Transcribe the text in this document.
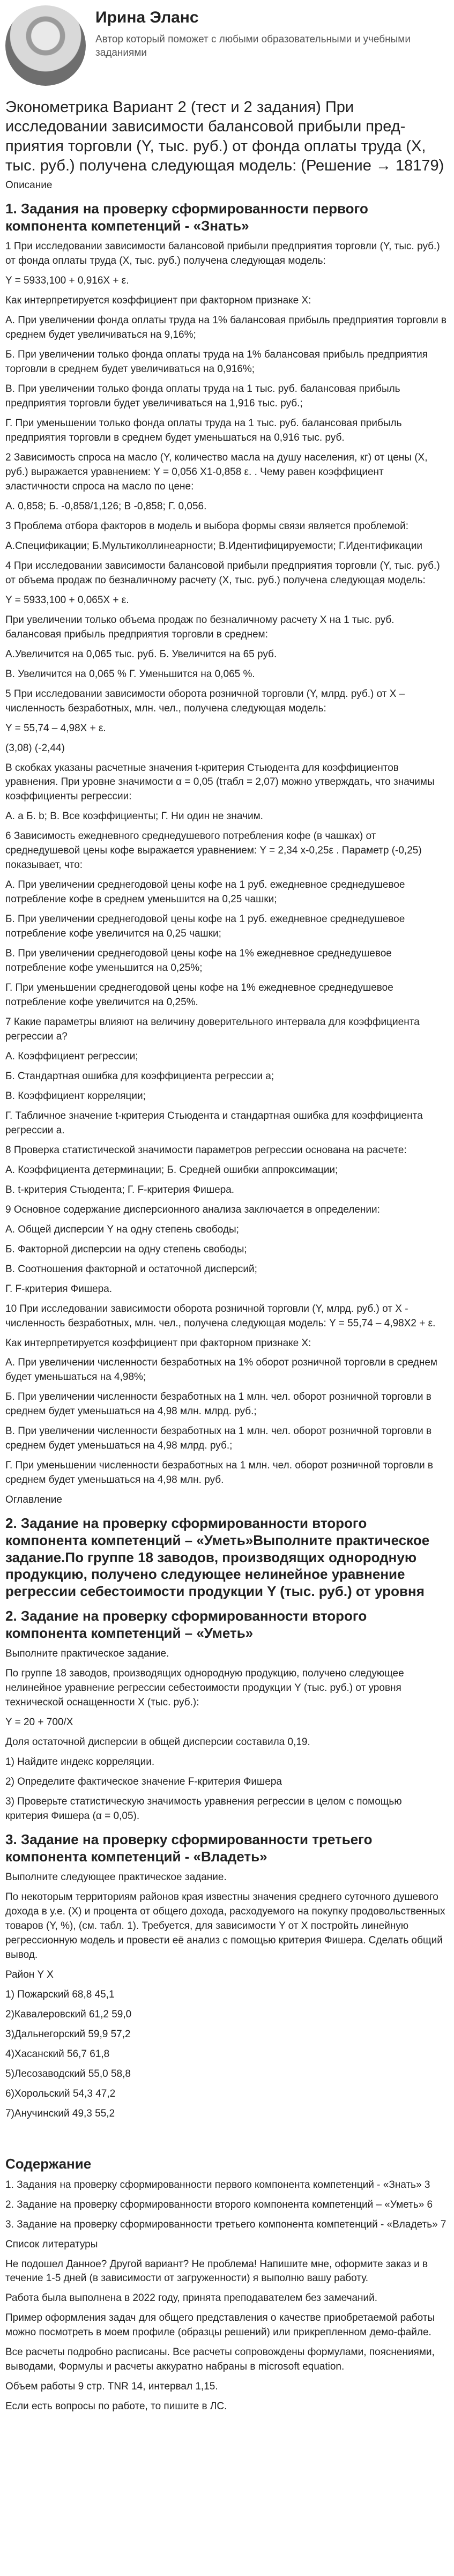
Ирина Эланс
Автор который поможет с любыми образовательными и учебными заданиями
Эконометрика Вариант 2 (тест и 2 задания) При исследовании зависимости балансовой прибыли пред-приятия торговли (Y, тыс. руб.) от фонда оплаты труда (X, тыс. руб.) получена следующая модель: (Решение → 18179)

Описание

1. Задания на проверку сформированности первого компонента компетенций - «Знать»

1 При исследовании зависимости балансовой прибыли предприятия торговли (Y, тыс. руб.) от фонда оплаты труда (X, тыс. руб.) получена следующая модель:

Y = 5933,100 + 0,916X + ε.

Как интерпретируется коэффициент при факторном признаке X:

А. При увеличении фонда оплаты труда на 1% балансовая прибыль предприятия торговли в среднем будет увеличиваться на 9,16%;

Б. При увеличении только фонда оплаты труда на 1% балансовая прибыль предприятия торговли в среднем будет увеличиваться на 0,916%;

В. При увеличении только фонда оплаты труда на 1 тыс. руб. балансовая прибыль предприятия торговли будет увеличиваться на 1,916 тыс. руб.;

Г. При уменьшении только фонда оплаты труда на 1 тыс. руб. балансовая прибыль предприятия торговли в среднем будет уменьшаться на 0,916 тыс. руб.

2 Зависимость спроса на масло (Y, количество масла на душу населения, кг) от цены (X, руб.) выражается уравнением: Y = 0,056 X1-0,858 ε. . Чему равен коэффициент эластичности спроса на масло по цене:

А. 0,858; Б. -0,858/1,126; В -0,858; Г. 0,056.

3 Проблема отбора факторов в модель и выбора формы связи является проблемой:

А.Спецификации; Б.Мультиколлинеарности; В.Идентифицируемости; Г.Идентификации

4 При исследовании зависимости балансовой прибыли предприятия торговли (Y, тыс. руб.) от объема продаж по безналичному расчету (X, тыс. руб.) получена следующая модель:

Y = 5933,100 + 0,065X + ε.

При увеличении только объема продаж по безналичному расчету X на 1 тыс. руб. балансовая прибыль предприятия торговли в среднем:

А.Увеличится на 0,065 тыс. руб. Б. Увеличится на 65 руб.

В. Увеличится на 0,065 % Г. Уменьшится на 0,065 %.

5 При исследовании зависимости оборота розничной торговли (Y, млрд. руб.) от X – численность безработных, млн. чел., получена следующая модель:

Y = 55,74 – 4,98X + ε.

(3,08) (-2,44)

В скобках указаны расчетные значения t-критерия Стьюдента для коэффициентов уравнения. При уровне значимости α = 0,05 (tтабл = 2,07) можно утверждать, что значимы коэффициенты регрессии:

А. а Б. b; В. Все коэффициенты; Г. Ни один не значим.

6 Зависимость ежедневного среднедушевого потребления кофе (в чашках) от среднедушевой цены кофе выражается уравнением: Y = 2,34 x-0,25ε . Параметр (-0,25) показывает, что:

А. При увеличении среднегодовой цены кофе на 1 руб. ежедневное среднедушевое потребление кофе в среднем уменьшится на 0,25 чашки;

Б. При увеличении среднегодовой цены кофе на 1 руб. ежедневное среднедушевое потребление кофе увеличится на 0,25 чашки;

В. При увеличении среднегодовой цены кофе на 1% ежедневное среднедушевое потребление кофе уменьшится на 0,25%;

Г. При уменьшении среднегодовой цены кофе на 1% ежедневное среднедушевое потребление кофе увеличится на 0,25%.

7 Какие параметры влияют на величину доверительного интервала для коэффициента регрессии a?

А. Коэффициент регрессии;

Б. Стандартная ошибка для коэффициента регрессии a;

В. Коэффициент корреляции;

Г. Табличное значение t-критерия Стьюдента и стандартная ошибка для коэффициента регрессии a.

8 Проверка статистической значимости параметров регрессии основана на расчете:

А. Коэффициента детерминации; Б. Средней ошибки аппроксимации;

В. t-критерия Стьюдента; Г. F-критерия Фишера.

9 Основное содержание дисперсионного анализа заключается в определении:

А. Общей дисперсии Y на одну степень свободы;

Б. Факторной дисперсии на одну степень свободы;

В. Соотношения факторной и остаточной дисперсий;

Г. F-критерия Фишера.

10 При исследовании зависимости оборота розничной торговли (Y, млрд. руб.) от X - численность безработных, млн. чел., получена следующая модель: Y = 55,74 – 4,98X2 + ε.

Как интерпретируется коэффициент при факторном признаке X:

А. При увеличении численности безработных на 1% оборот розничной торговли в среднем будет уменьшаться на 4,98%;

Б. При увеличении численности безработных на 1 млн. чел. оборот розничной торговли в среднем будет уменьшаться на 4,98 млн. млрд. руб.;

В. При увеличении численности безработных на 1 млн. чел. оборот розничной торговли в среднем будет уменьшаться на 4,98 млрд. руб.;

Г. При уменьшении численности безработных на 1 млн. чел. оборот розничной торговли в среднем будет уменьшаться на 4,98 млн. руб.

Оглавление

2. Задание на проверку сформированности второго компонента компетенций – «Уметь»Выполните практическое задание.По группе 18 заводов, производящих однородную продукцию, получено следующее нелинейное уравнение регрессии себестоимости продукции Y (тыс. руб.) от уровня
2. Задание на проверку сформированности второго компонента компетенций – «Уметь»

Выполните практическое задание.

По группе 18 заводов, производящих однородную продукцию, получено следующее нелинейное уравнение регрессии себестоимости продукции Y (тыс. руб.) от уровня технической оснащенности X (тыс. руб.):

Y = 20 + 700/X

Доля остаточной дисперсии в общей дисперсии составила 0,19.

1) Найдите индекс корреляции.

2) Определите фактическое значение F-критерия Фишера

3) Проверьте статистическую значимость уравнения регрессии в целом с помощью критерия Фишера (α = 0,05).

3. Задание на проверку сформированности третьего компонента компетенций - «Владеть»

Выполните следующее практическое задание.

По некоторым территориям районов края известны значения среднего суточного душевого дохода в у.е. (X) и процента от общего дохода, расходуемого на покупку продовольственных товаров (Y, %), (см. табл. 1). Требуется, для зависимости Y от X постройть линейную регрессионную модель и провести её анализ с помощью критерия Фишера. Сделать общий вывод.

Район Y X

1) Пожарский 68,8 45,1

2)Кавалеровский 61,2 59,0

3)Дальнегорский 59,9 57,2

4)Хасанский 56,7 61,8

5)Лесозаводский 55,0 58,8

6)Хорольский 54,3 47,2

7)Анучинский 49,3 55,2

Содержание

1. Задания на проверку сформированности первого компонента компетенций - «Знать» 3

2. Задание на проверку сформированности второго компонента компетенций – «Уметь» 6

3. Задание на проверку сформированности третьего компонента компетенций - «Владеть» 7

Список литературы

Не подошел Данное? Другой вариант? Не проблема! Напишите мне, оформите заказ и в течение 1-5 дней (в зависимости от загруженности) я выполню вашу работу.

Работа была выполнена в 2022 году, принята преподавателем без замечаний.

Пример оформления задач для общего представления о качестве приобретаемой работы можно посмотреть в моем профиле (образцы решений) или прикрепленном демо-файле.

Все расчеты подробно расписаны. Все расчеты сопровождены формулами, пояснениями, выводами, Формулы и расчеты аккуратно набраны в microsoft equation.

Объем работы 9 стр. TNR 14, интервал 1,15.

Если есть вопросы по работе, то пишите в ЛС.
